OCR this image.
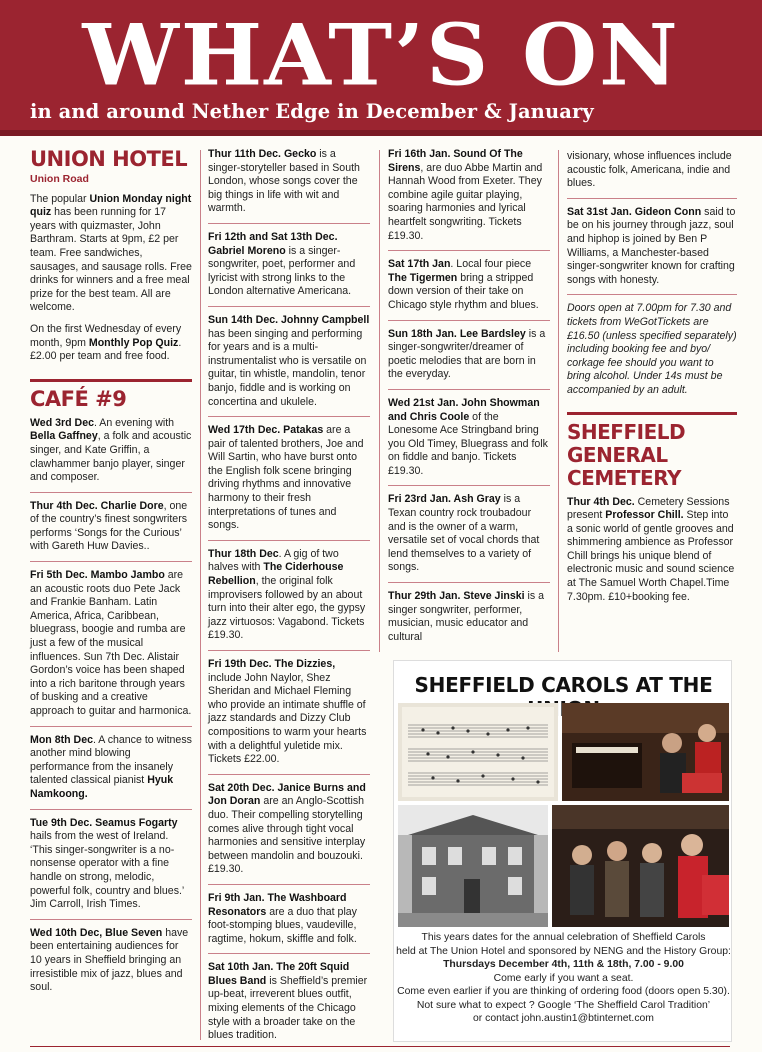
WHAT’S ON
in and around Nether Edge in December & January
UNION HOTEL
Union Road

The popular Union Monday night quiz has been running for 17 years with quizmaster, John Barthram. Starts at 9pm, £2 per team. Free sandwiches, sausages, and sausage rolls. Free drinks for winners and a free meal prize for the best team. All are welcome.

On the first Wednesday of every month, 9pm Monthly Pop Quiz. £2.00 per team and free food.

CAFÉ #9
Wed 3rd Dec. An evening with Bella Gaffney, a folk and acoustic singer, and Kate Griffin, a clawhammer banjo player, singer and composer.
Thur 4th Dec. Charlie Dore, one of the country’s finest songwriters performs ‘Songs for the Curious’ with Gareth Huw Davies..
Fri 5th Dec. Mambo Jambo are an acoustic roots duo Pete Jack and Frankie Banham. Latin America, Africa, Caribbean, bluegrass, boogie and rumba are just a few of the musical influences. Sun 7th Dec. Alistair Gordon’s voice has been shaped into a rich baritone through years of busking and a creative approach to guitar and harmonica.
Mon 8th Dec. A chance to witness another mind blowing performance from the insanely talented classical pianist Hyuk Namkoong.
Tue 9th Dec. Seamus Fogarty hails from the west of Ireland. ‘This singer-songwriter is a no-nonsense operator with a fine handle on strong, melodic, powerful folk, country and blues.’ Jim Carroll, Irish Times.
Wed 10th Dec, Blue Seven have been entertaining audiences for 10 years in Sheffield bringing an irresistible mix of jazz, blues and soul.
Thur 11th Dec. Gecko is a singer-storyteller based in South London, whose songs cover the big things in life with wit and warmth.
Fri 12th and Sat 13th Dec. Gabriel Moreno is a singer-songwriter, poet, performer and lyricist with strong links to the London alternative Americana.
Sun 14th Dec. Johnny Campbell has been singing and performing for years and is a multi-instrumentalist who is versatile on guitar, tin whistle, mandolin, tenor banjo, fiddle and is working on concertina and ukulele.
Wed 17th Dec. Patakas are a pair of talented brothers, Joe and Will Sartin, who have burst onto the English folk scene bringing driving rhythms and innovative harmony to their fresh interpretations of tunes and songs.
Thur 18th Dec. A gig of two halves with The Ciderhouse Rebellion, the original folk improvisers followed by an about turn into their alter ego, the gypsy jazz virtuosos: Vagabond. Tickets £19.30.
Fri 19th Dec. The Dizzies, include John Naylor, Shez Sheridan and Michael Fleming who provide an intimate shuffle of jazz standards and Dizzy Club compositions to warm your hearts with a delightful yuletide mix. Tickets £22.00.
Sat 20th Dec. Janice Burns and Jon Doran are an Anglo-Scottish duo. Their compelling storytelling comes alive through tight vocal harmonies and sensitive interplay between mandolin and bouzouki. £19.30.
Fri 9th Jan. The Washboard Resonators are a duo that play foot-stomping blues, vaudeville, ragtime, hokum, skiffle and folk.
Sat 10th Jan. The 20ft Squid Blues Band is Sheffield’s premier up-beat, irreverent blues outfit, mixing elements of the Chicago style with a broader take on the blues tradition.
Fri 16th Jan. Sound Of The Sirens, are duo Abbe Martin and Hannah Wood from Exeter. They combine agile guitar playing, soaring harmonies and lyrical heartfelt songwriting. Tickets £19.30.
Sat 17th Jan. Local four piece The Tigermen bring a stripped down version of their take on Chicago style rhythm and blues.
Sun 18th Jan. Lee Bardsley is a singer-songwriter/dreamer of poetic melodies that are born in the everyday.
Wed 21st Jan. John Showman and Chris Coole of the Lonesome Ace Stringband bring you Old Timey, Bluegrass and folk on fiddle and banjo. Tickets £19.30.
Fri 23rd Jan. Ash Gray is a Texan country rock troubadour and is the owner of a warm, versatile set of vocal chords that lend themselves to a variety of songs.
Thur 29th Jan. Steve Jinski is a singer songwriter, performer, musician, music educator and cultural
visionary, whose influences include acoustic folk, Americana, indie and blues.
Sat 31st Jan. Gideon Conn said to be on his journey through jazz, soul and hiphop is joined by Ben P Williams, a Manchester-based singer-songwriter known for crafting songs with honesty.
Doors open at 7.00pm for 7.30 and tickets from WeGotTickets are £16.50 (unless specified separately) including booking fee and byo/ corkage fee should you want to bring alcohol. Under 14s must be accompanied by an adult.
SHEFFIELD GENERAL CEMETERY
Thur 4th Dec. Cemetery Sessions present Professor Chill. Step into a sonic world of gentle grooves and shimmering ambience as Professor Chill brings his unique blend of electronic music and sound science at The Samuel Worth Chapel.Time 7.30pm. £10+booking fee.
SHEFFIELD CAROLS AT THE
This years dates for the annual celebration of Sheffield Carols
held at The Union Hotel and sponsored by NENG and the History Group:
Thursdays December 4th, 11th & 18th, 7.00 - 9.00
Come early if you want a seat.
Come even earlier if you are thinking of ordering food (doors open 5.30).
Not sure what to expect ? Google ‘The Sheffield Carol Tradition’
or contact john.austin1@btinternet.com
